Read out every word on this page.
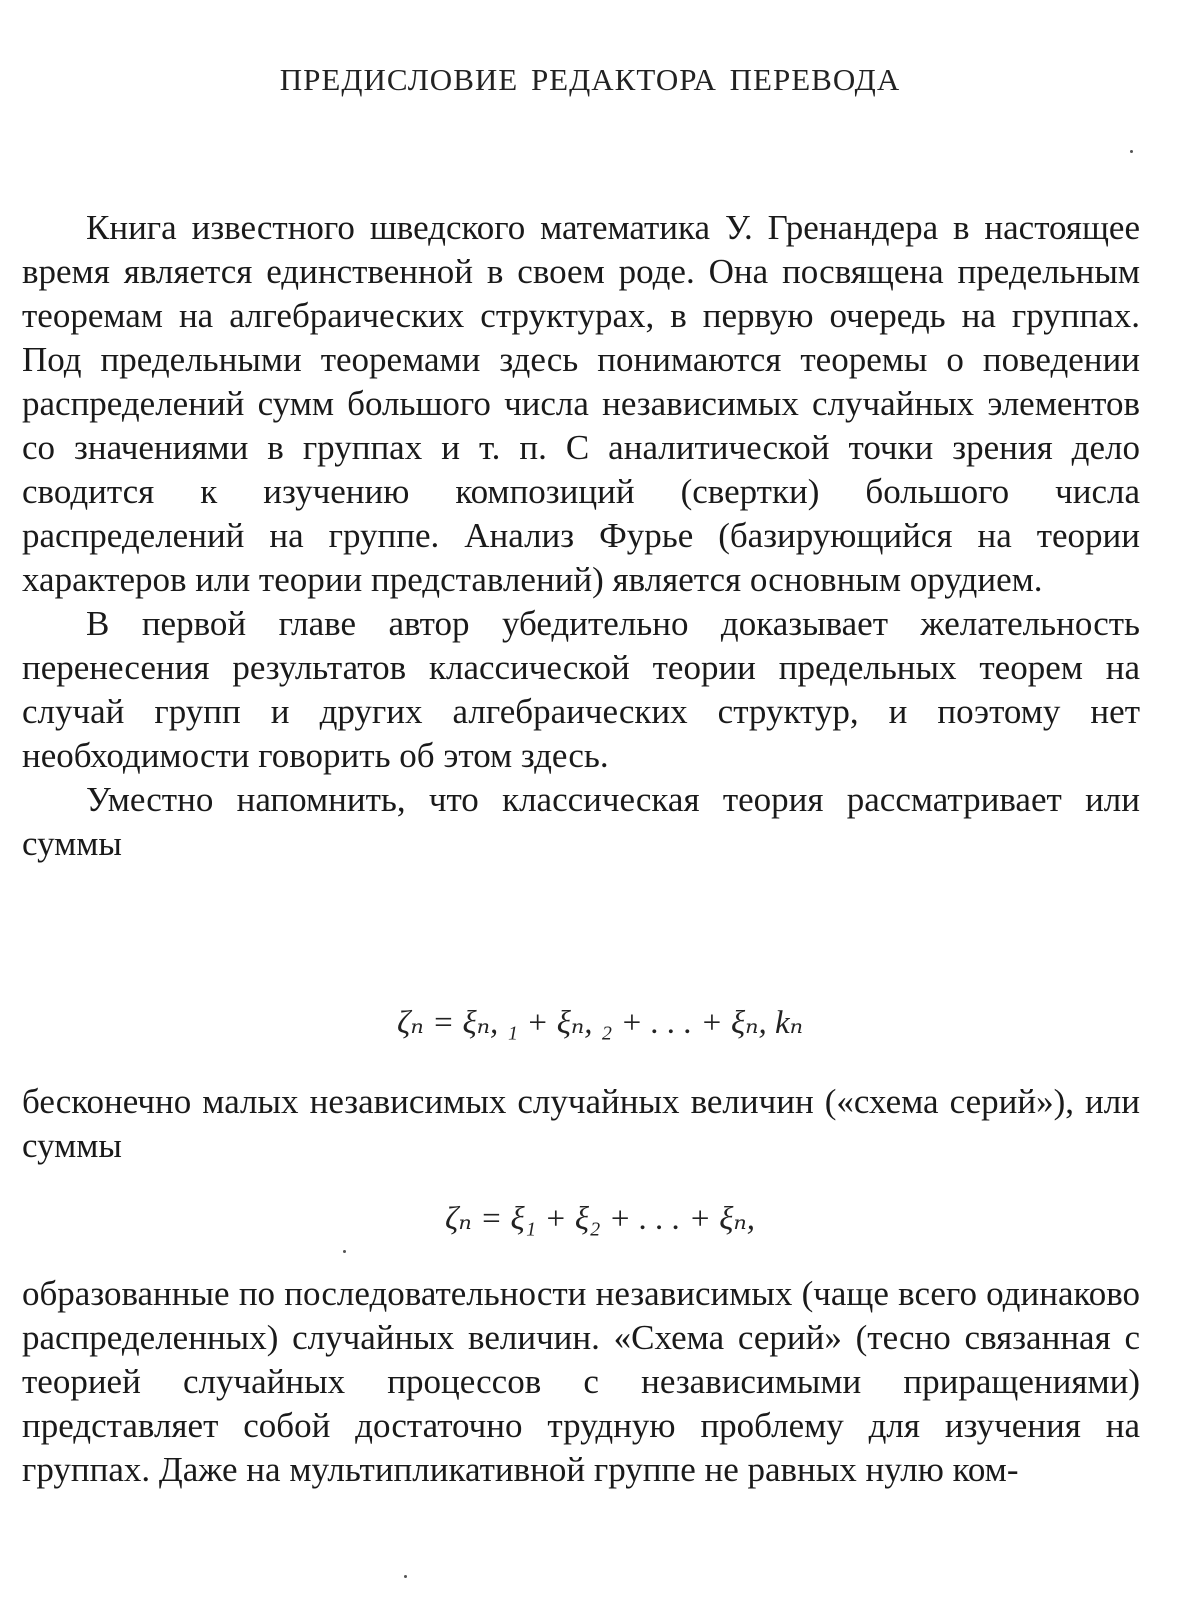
ПРЕДИСЛОВИЕ РЕДАКТОРА ПЕРЕВОДА

Книга известного шведского математика У. Гренандера в настоящее время является единственной в своем роде. Она посвящена предельным теоремам на алгебраических структурах, в первую очередь на группах. Под предельными теоремами здесь понимаются теоремы о поведении распределений сумм большого числа независимых случайных элементов со значениями в группах и т. п. С аналитической точки зрения дело сводится к изучению композиций (свертки) большого числа распределений на группе. Анализ Фурье (базирующийся на теории характеров или теории представлений) является основным орудием.

В первой главе автор убедительно доказывает желательность перенесения результатов классической теории предельных теорем на случай групп и других алгебраических структур, и поэтому нет необходимости говорить об этом здесь.

Уместно напомнить, что классическая теория рассматривает или суммы

ζₙ = ξₙ, ₁ + ξₙ, ₂ + . . . + ξₙ, kₙ

бесконечно малых независимых случайных величин («схема серий»), или суммы

ζₙ = ξ₁ + ξ₂ + . . . + ξₙ,

образованные по последовательности независимых (чаще всего одинаково распределенных) случайных величин. «Схема серий» (тесно связанная с теорией случайных процессов с независимыми приращениями) представляет собой достаточно трудную проблему для изучения на группах. Даже на мультипликативной группе не равных нулю ком-
